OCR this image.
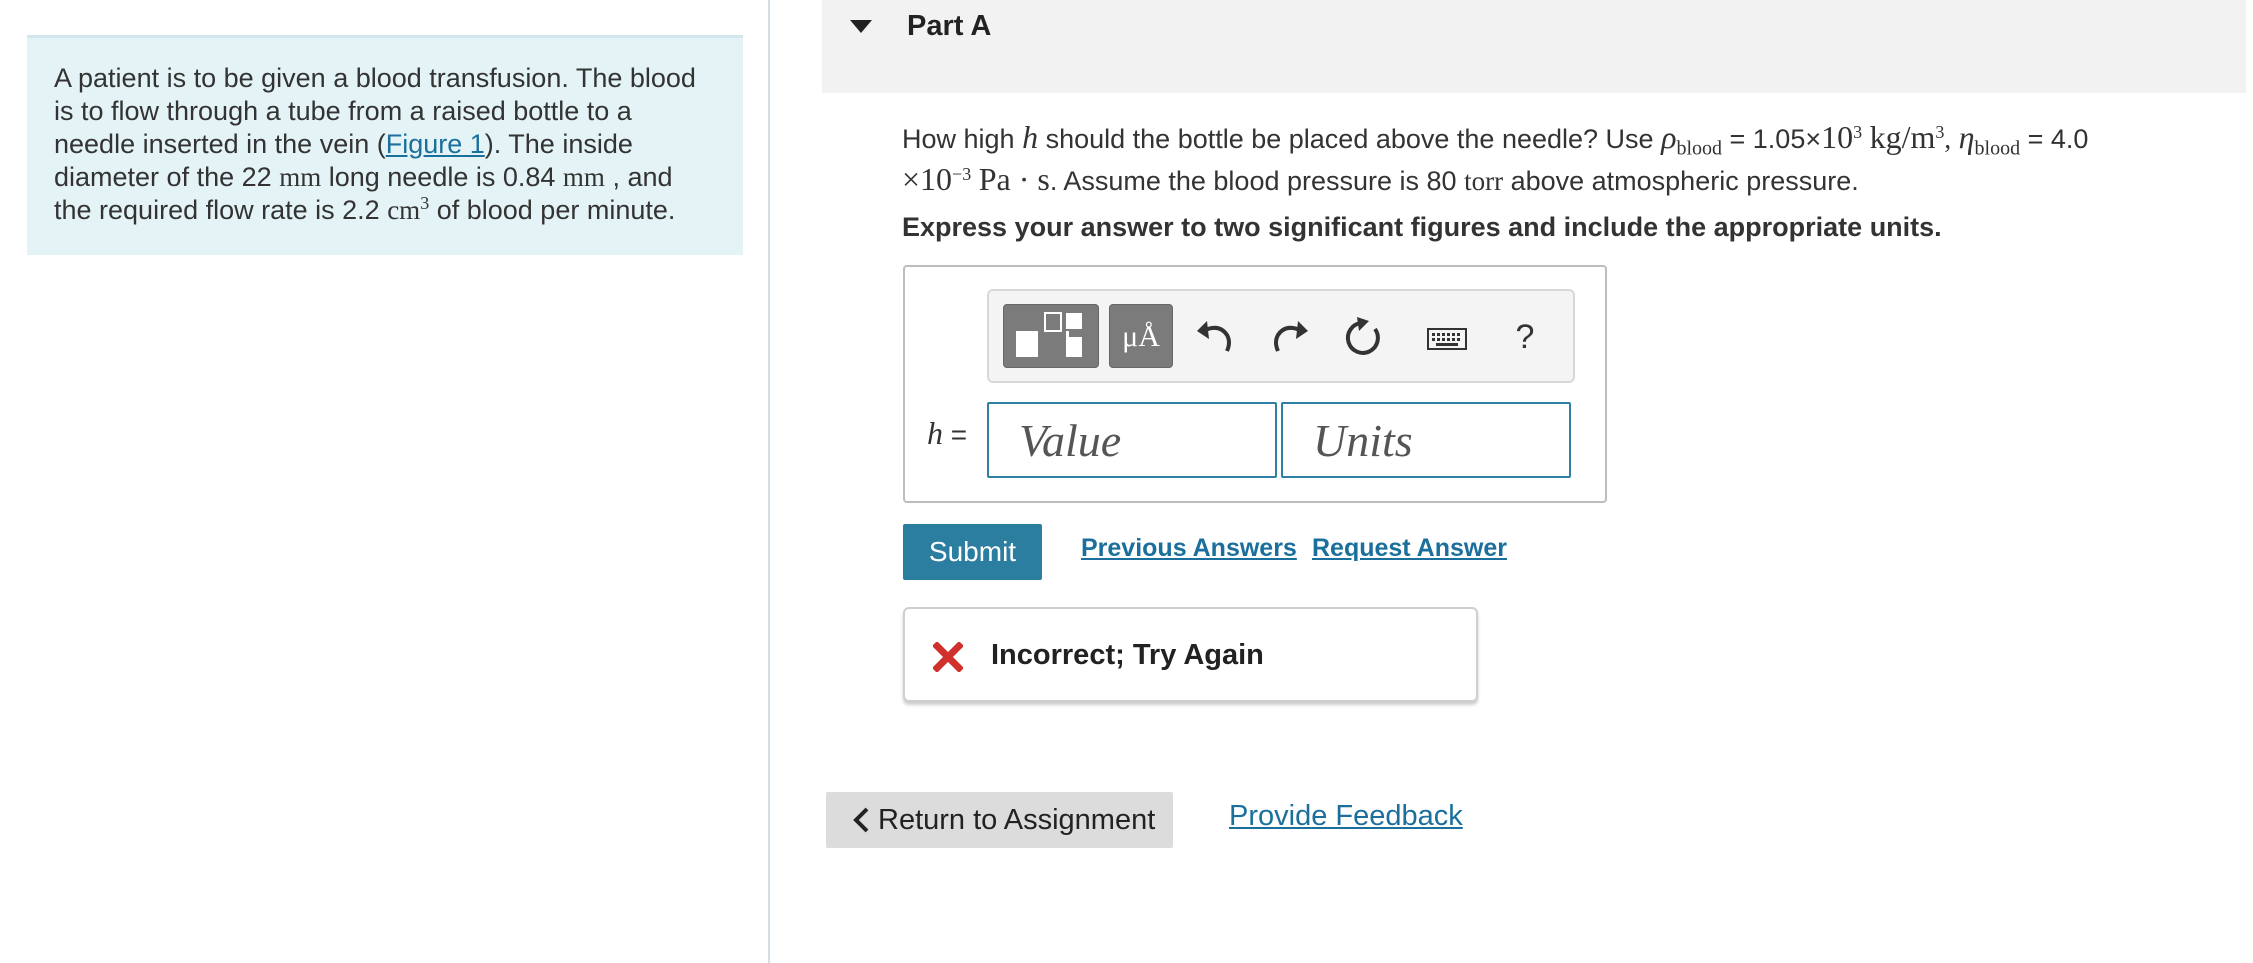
A patient is to be given a blood transfusion. The blood is to flow through a tube from a raised bottle to a needle inserted in the vein (Figure 1). The inside diameter of the 22 mm long needle is 0.84 mm , and the required flow rate is 2.2 $cm^3$ of blood per minute.
Part A
How high h should the bottle be placed above the needle? Use $\rho_{blood} = 1.05\times 10^3$ $kg/m^3$, $\eta_{blood} = 4.0$
$\times 10^{-3}$ Pa · s. Assume the blood pressure is 80 torr above atmospheric pressure.
Express your answer to two significant figures and include the appropriate units.
μÅ	?
h =
Value
Units
Submit	Previous Answers Request Answer
Incorrect; Try Again
Return to Assignment	Provide Feedback
